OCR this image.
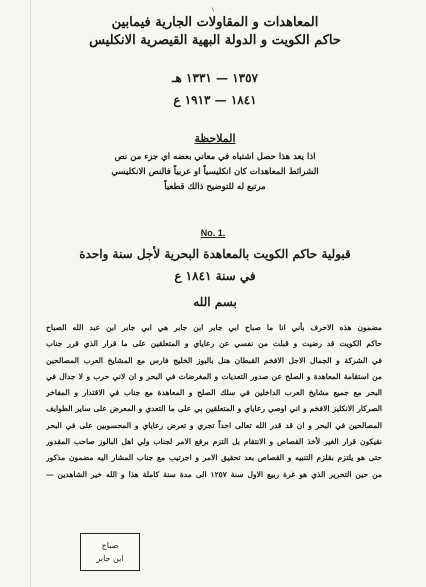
١
المعاهدات و المقاولات الجارية فيمابين
حاكم الكويت و الدولة البهية القيصرية الانكليس
١٣٥٧ — ١٣٣١ هـ
١٨٤١ — ١٩١٣ ع
الملاحظة
اذا يعد هذا حصل اشتباه في معاني بعضه اي جزء من نص
الشرائط المعاهدات كان انكليسياً او عربياً فالنص الانكليسي
مرتبع له للتوضيح ذالك قطعياً
No. 1.
قبولية حاكم الكويت بالمعاهدة البحرية لأجل سنة واحدة
في سنة ١٨٤١ ع
بسم الله
مضمون هذه الاحرف بأني انا ما صباح ابي جابر ابن جابر هي ابي جابر ابن عبد الله الصباح
حاكم الكويت قد رضيت و قبلت من نفسي عن رعاياي و المتعلقين على ما قرار الذي قرر جناب
في الشركة و الجمال الاجل الافخم القبطان هنل بالبوز الخليج فارس مع المشايخ العرب المصالحين
من استقامة المعاهدة و الصلح عن صدور التعديات و المغرضات في البحر و ان لاني حرب و لا جدال في
البحر مع جميع مشايخ العرب الداخلين في سلك الصلح و المعاهدة مع جناب في الاقتدار و المفاخر
الصركار الانكليز الافخم و اني اوصي رعاياي و المتعلقين بي على ما التعدي و المعرض على ساير الطوايف
المصالحين في البحر و ان قد قدر الله تعالى احداً تجري و تعرض رعاياي و المحسوبين على في البحر
نقيكون قرار الغير لأخذ القصاص و الانتقام بل التزم برفع الامر لجناب ولي اهل البالوز صاحب المقدور
حتى هو يلتزم بقلزم التنبيه و القصاص بعد تحقيق الامر و اجرتيب مع جناب المشار اليه مضمون مذكور
من حين التحرير الذي هو غرة ربيع الاول سنة ١٢٥٧ الى مدة سنة كاملة هذا و الله خير الشاهدين —
صباح
ابن جابر
